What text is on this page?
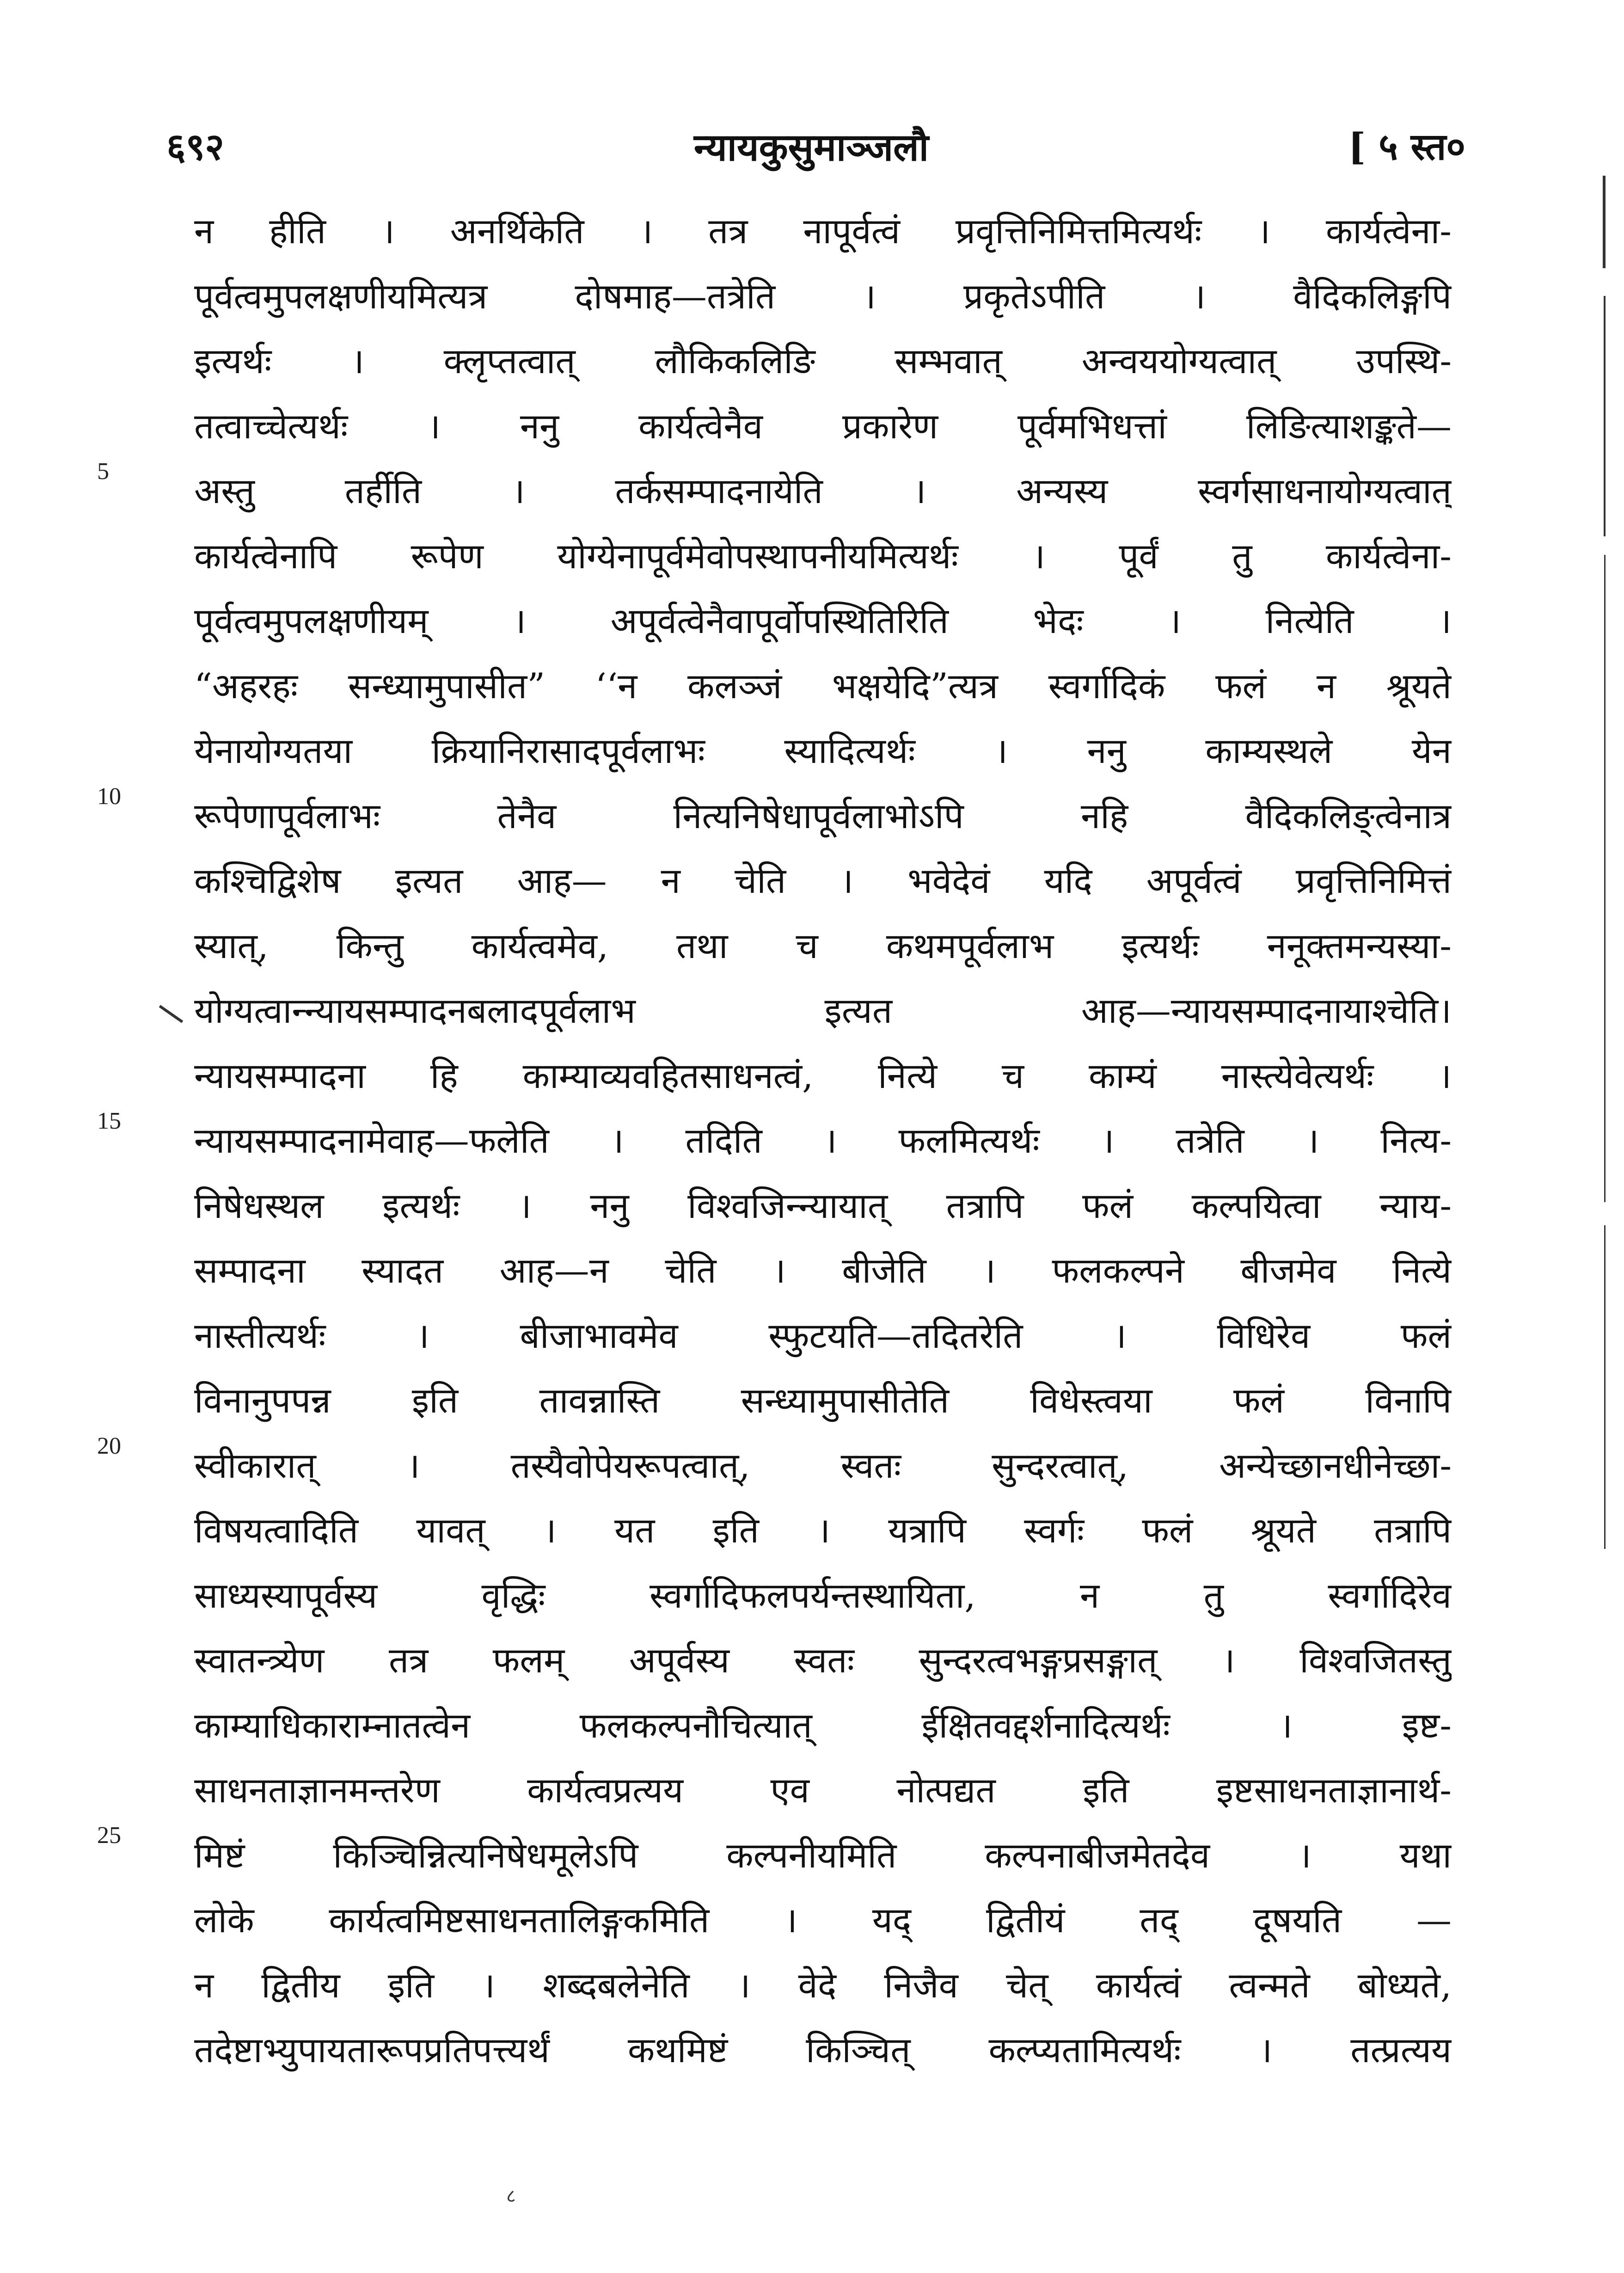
६९२	न्यायकुसुमाञ्जलौ	[ ५ स्त०
5
10
15
20
25
न हीति । अनर्थिकेति । तत्र नापूर्वत्वं प्रवृत्तिनिमित्तमित्यर्थः । कार्यत्वेना-
पूर्वत्वमुपलक्षणीयमित्यत्र दोषमाह—तत्रेति । प्रकृतेऽपीति । वैदिकलिङ्गपि
इत्यर्थः । क्लृप्तत्वात् लौकिकलिङि सम्भवात् अन्वययोग्यत्वात् उपस्थि-
तत्वाच्चेत्यर्थः । ननु कार्यत्वेनैव प्रकारेण पूर्वमभिधत्तां लिङित्याशङ्कते—
अस्तु तर्हीति । तर्कसम्पादनायेति । अन्यस्य स्वर्गसाधनायोग्यत्वात्
कार्यत्वेनापि रूपेण योग्येनापूर्वमेवोपस्थापनीयमित्यर्थः । पूर्वं तु कार्यत्वेना-
पूर्वत्वमुपलक्षणीयम् । अपूर्वत्वेनैवापूर्वोपस्थितिरिति भेदः । नित्येति ।
“अहरहः सन्ध्यामुपासीत” ‘‘न कलञ्जं भक्षयेदि”त्यत्र स्वर्गादिकं फलं न श्रूयते
येनायोग्यतया क्रियानिरासादपूर्वलाभः स्यादित्यर्थः । ननु काम्यस्थले येन
रूपेणापूर्वलाभः तेनैव नित्यनिषेधापूर्वलाभोऽपि नहि वैदिकलिङ्त्वेनात्र
कश्चिद्विशेष इत्यत आह— न चेति । भवेदेवं यदि अपूर्वत्वं प्रवृत्तिनिमित्तं
स्यात्, किन्तु कार्यत्वमेव, तथा च कथमपूर्वलाभ इत्यर्थः ननूक्तमन्यस्या-
योग्यत्वान्न्यायसम्पादनबलादपूर्वलाभ इत्यत आह—न्यायसम्पादनायाश्चेति।
न्यायसम्पादना हि काम्याव्यवहितसाधनत्वं, नित्ये च काम्यं नास्त्येवेत्यर्थः ।
न्यायसम्पादनामेवाह—फलेति । तदिति । फलमित्यर्थः । तत्रेति । नित्य-
निषेधस्थल इत्यर्थः । ननु विश्वजिन्न्यायात् तत्रापि फलं कल्पयित्वा न्याय-
सम्पादना स्यादत आह—न चेति । बीजेति । फलकल्पने बीजमेव नित्ये
नास्तीत्यर्थः । बीजाभावमेव स्फुटयति—तदितरेति । विधिरेव फलं
विनानुपपन्न इति तावन्नास्ति सन्ध्यामुपासीतेति विधेस्त्वया फलं विनापि
स्वीकारात् । तस्यैवोपेयरूपत्वात्, स्वतः सुन्दरत्वात्, अन्येच्छानधीनेच्छा-
विषयत्वादिति यावत् । यत इति । यत्रापि स्वर्गः फलं श्रूयते तत्रापि
साध्यस्यापूर्वस्य वृद्धिः स्वर्गादिफलपर्यन्तस्थायिता, न तु स्वर्गादिरेव
स्वातन्त्र्येण तत्र फलम् अपूर्वस्य स्वतः सुन्दरत्वभङ्गप्रसङ्गात् । विश्वजितस्तु
काम्याधिकाराम्नातत्वेन फलकल्पनौचित्यात् ईक्षितवद्दर्शनादित्यर्थः । इष्ट-
साधनताज्ञानमन्तरेण कार्यत्वप्रत्यय एव नोत्पद्यत इति इष्टसाधनताज्ञानार्थ-
मिष्टं किञ्चिन्नित्यनिषेधमूलेऽपि कल्पनीयमिति कल्पनाबीजमेतदेव । यथा
लोके कार्यत्वमिष्टसाधनतालिङ्गकमिति । यद् द्वितीयं तद् दूषयति —
न द्वितीय इति । शब्दबलेनेति । वेदे निजैव चेत् कार्यत्वं त्वन्मते बोध्यते,
तदेष्टाभ्युपायतारूपप्रतिपत्त्यर्थं कथमिष्टं किञ्चित् कल्प्यतामित्यर्थः । तत्प्रत्यय
८
